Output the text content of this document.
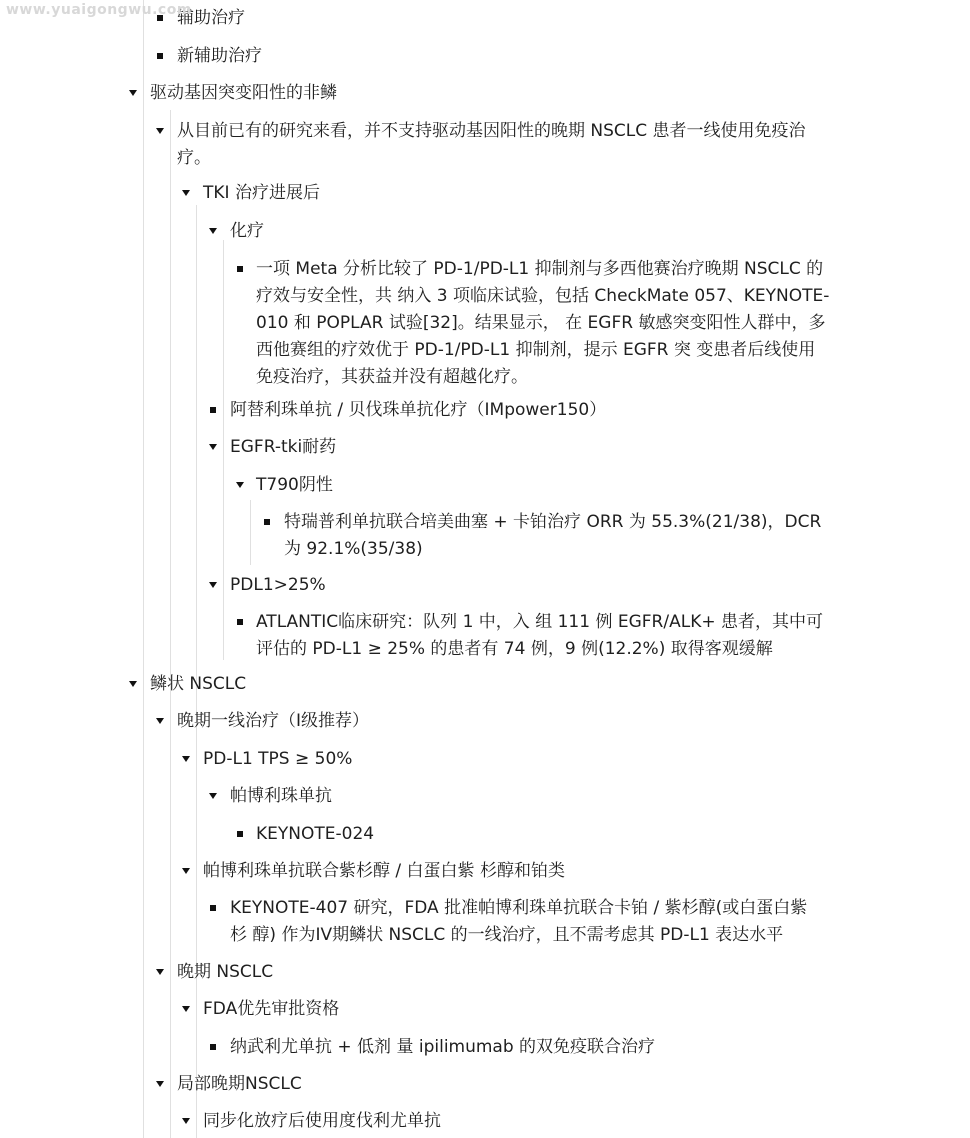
www.yuaigongwu.com
辅助治疗
新辅助治疗
驱动基因突变阳性的非鳞
从目前已有的研究来看，并不支持驱动基因阳性的晚期 NSCLC 患者一线使用免疫治
疗。
TKI 治疗进展后
化疗
一项 Meta 分析比较了 PD-1/PD-L1 抑制剂与多西他赛治疗晚期 NSCLC 的
疗效与安全性，共 纳入 3 项临床试验，包括 CheckMate 057、KEYNOTE-
010 和 POPLAR 试验[32]。结果显示， 在 EGFR 敏感突变阳性人群中，多
西他赛组的疗效优于 PD-1/PD-L1 抑制剂，提示 EGFR 突 变患者后线使用
免疫治疗，其获益并没有超越化疗。
阿替利珠单抗 / 贝伐珠单抗化疗（IMpower150）
EGFR-tki耐药
T790阴性
特瑞普利单抗联合培美曲塞 + 卡铂治疗 ORR 为 55.3%(21/38)，DCR
为 92.1%(35/38)
PDL1>25%
ATLANTIC临床研究：队列 1 中，入 组 111 例 EGFR/ALK+ 患者，其中可
评估的 PD-L1 ≥ 25% 的患者有 74 例，9 例(12.2%) 取得客观缓解
鳞状 NSCLC
晚期一线治疗（I级推荐）
PD-L1 TPS ≥ 50%
帕博利珠单抗
KEYNOTE-024
帕博利珠单抗联合紫杉醇 / 白蛋白紫 杉醇和铂类
KEYNOTE-407 研究，FDA 批准帕博利珠单抗联合卡铂 / 紫杉醇(或白蛋白紫
杉 醇) 作为IV期鳞状 NSCLC 的一线治疗，且不需考虑其 PD-L1 表达水平
晚期 NSCLC
FDA优先审批资格
纳武利尤单抗 + 低剂 量 ipilimumab 的双免疫联合治疗
局部晚期NSCLC
同步化放疗后使用度伐利尤单抗
